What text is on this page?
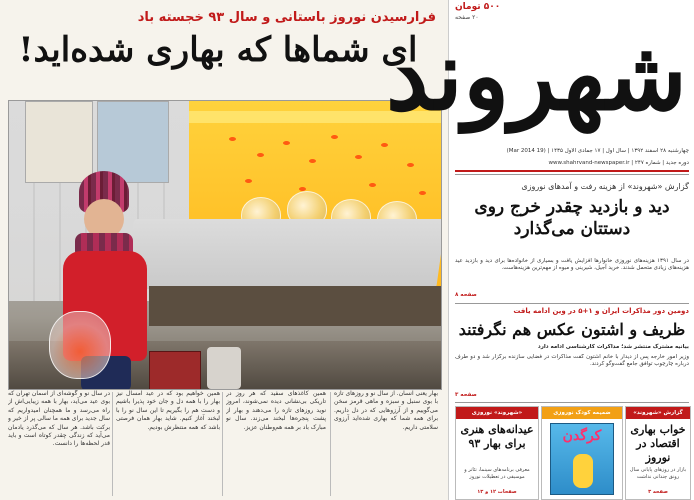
فرارسیدن نوروز باستانی و سال ۹۳ خجسته باد
ای شماها که بهاری شده‌اید!
بهار یعنی انسان. از سال نو و روزهای تازه با بوی سنبل و سبزه و ماهی قرمز سخن می‌گوییم و از آرزوهایی که در دل داریم. برای همه شما که بهاری شده‌اید آرزوی سلامتی داریم.
همین کاغذهای سفید که هر روز در تاریکی بی‌نشانی دیده نمی‌شوند، امروز نوید روزهای تازه را می‌دهند و بهار از پشت پنجره‌ها لبخند می‌زند. سال نو مبارک باد بر همه هم‌وطنان عزیز.
همین خواهیم بود که در عید امسال نیز بهار را با همه دل و جان خود پذیرا باشیم و دست هم را بگیریم تا این سال نو را با لبخند آغاز کنیم. شاید بهار همان فرصتی باشد که همه منتظرش بودیم.
در سال نو و گوشه‌ای از آسمان تهران که بوی عید می‌آید، بهار با همه زیبایی‌اش از راه می‌رسد و ما همچنان امیدواریم که سال جدید برای همه ما سالی پر از خیر و برکت باشد. هر سال که می‌گذرد یادمان می‌آید که زندگی چقدر کوتاه است و باید قدر لحظه‌ها را دانست.
۵۰۰ تومان
۲۰ صفحه
شهروند
چهارشنبه ۲۸ اسفند ۱۳۹۲ | سال اول | ۱۷ جمادی الاول ۱۴۳۵ | (19 Mar 2014)
دوره جدید | شماره ۲۴۷ | www.shahrvand-newspaper.ir
گزارش «شهروند» از هزینه رفت و آمدهای نوروزی
دید و بازدید چقدر خرج روی دستتان می‌گذارد
در سال ۱۳۹۱ هزینه‌های نوروزی خانوارها افزایش یافت و بسیاری از خانواده‌ها برای دید و بازدید عید هزینه‌های زیادی متحمل شدند. خرید آجیل، شیرینی و میوه از مهم‌ترین هزینه‌هاست.
صفحه ۸
دومین دور مذاکرات ایران و ۱+۵ در وین ادامه یافت
ظریف و اشتون عکس هم نگرفتند
بیانیه مشترک منتشر شد؛ مذاکرات کارشناسی ادامه دارد
وزیر امور خارجه پس از دیدار با خانم اشتون گفت مذاکرات در فضایی سازنده برگزار شد و دو طرف درباره چارچوب توافق جامع گفت‌وگو کردند.
صفحه ۳
گزارش «شهروند»
خواب بهاری اقتصاد در نوروز
بازار در روزهای پایانی سال رونق چندانی نداشت
صفحه ۳
ضمیمه کودک نوروزی
کرگدن
«شهروند» نوروزی
عیدانه‌های هنری برای بهار ۹۳
معرفی برنامه‌های سینما، تئاتر و موسیقی در تعطیلات نوروز
صفحات ۱۲ و ۱۳
